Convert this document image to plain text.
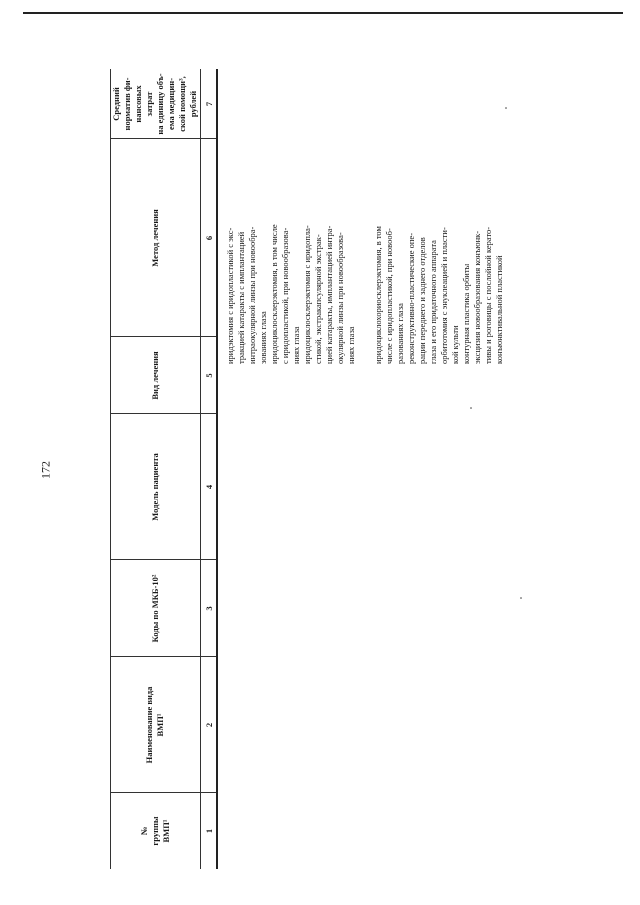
172
№ группы ВМП¹
Наименование вида ВМП¹
Коды по МКБ-10²
Модель пациента
Вид лечения
Метод лечения
Средний норматив фи- нансовых затрат на единицу объ- ема медицин- ской помощи³, рублей
1
2
3
4
5
6
7

иридэктомия с иридопластикой с экс- тракцией катаракты с имплантацией интраокулярной линзы при новообра- зованиях глаза иридоциклосклерэктомия, в том числе с иридопластикой, при новообразова- ниях глаза иридоциклосклерэктомия с иридопла- стикой, экстракапсулярной экстрак- цией катаракты, имплантацией интра- окулярной линзы при новообразова- ниях глаза иридоциклохориосклерэктомия, в том числе с иридопластикой, при новооб- разованиях глаза реконструктивно-пластические опе- рации переднего и заднего отделов глаза и его придаточного аппарата орбитотомия с энуклеацией и пласти- кой культи контурная пластика орбиты эксцизия новообразования конъюнк- тивы и роговицы с послойной керато- конъюнктивальной пластикой
